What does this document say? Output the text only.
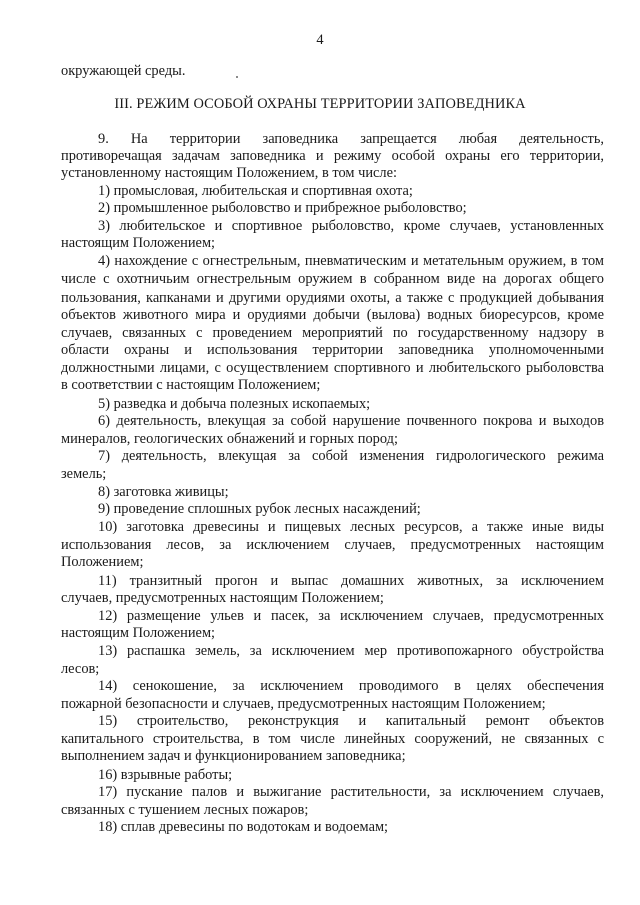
4
окружающей среды.
III. РЕЖИМ ОСОБОЙ ОХРАНЫ ТЕРРИТОРИИ ЗАПОВЕДНИКА
9. На территории заповедника запрещается любая деятельность,
противоречащая задачам заповедника и режиму особой охраны его территории,
установленному настоящим Положением, в том числе:
1) промысловая, любительская и спортивная охота;
2) промышленное рыболовство и прибрежное рыболовство;
3) любительское и спортивное рыболовство, кроме случаев, установленных
настоящим Положением;
4) нахождение с огнестрельным, пневматическим и метательным оружием, в том
числе с охотничьим огнестрельным оружием в собранном виде на дорогах общего
пользования, капканами и другими орудиями охоты, а также с продукцией добывания
объектов животного мира и орудиями добычи (вылова) водных биоресурсов, кроме
случаев, связанных с проведением мероприятий по государственному надзору в
области охраны и использования территории заповедника уполномоченными
должностными лицами, с осуществлением спортивного и любительского рыболовства
в соответствии с настоящим Положением;
5) разведка и добыча полезных ископаемых;
6) деятельность, влекущая за собой нарушение почвенного покрова и выходов
минералов, геологических обнажений и горных пород;
7) деятельность, влекущая за собой изменения гидрологического режима
земель;
8) заготовка живицы;
9) проведение сплошных рубок лесных насаждений;
10) заготовка древесины и пищевых лесных ресурсов, а также иные виды
использования лесов, за исключением случаев, предусмотренных настоящим
Положением;
11) транзитный прогон и выпас домашних животных, за исключением
случаев, предусмотренных настоящим Положением;
12) размещение ульев и пасек, за исключением случаев, предусмотренных
настоящим Положением;
13) распашка земель, за исключением мер противопожарного обустройства
лесов;
14) сенокошение, за исключением проводимого в целях обеспечения
пожарной безопасности и случаев, предусмотренных настоящим Положением;
15) строительство, реконструкция и капитальный ремонт объектов
капитального строительства, в том числе линейных сооружений, не связанных с
выполнением задач и функционированием заповедника;
16) взрывные работы;
17) пускание палов и выжигание растительности, за исключением случаев,
связанных с тушением лесных пожаров;
18) сплав древесины по водотокам и водоемам;
